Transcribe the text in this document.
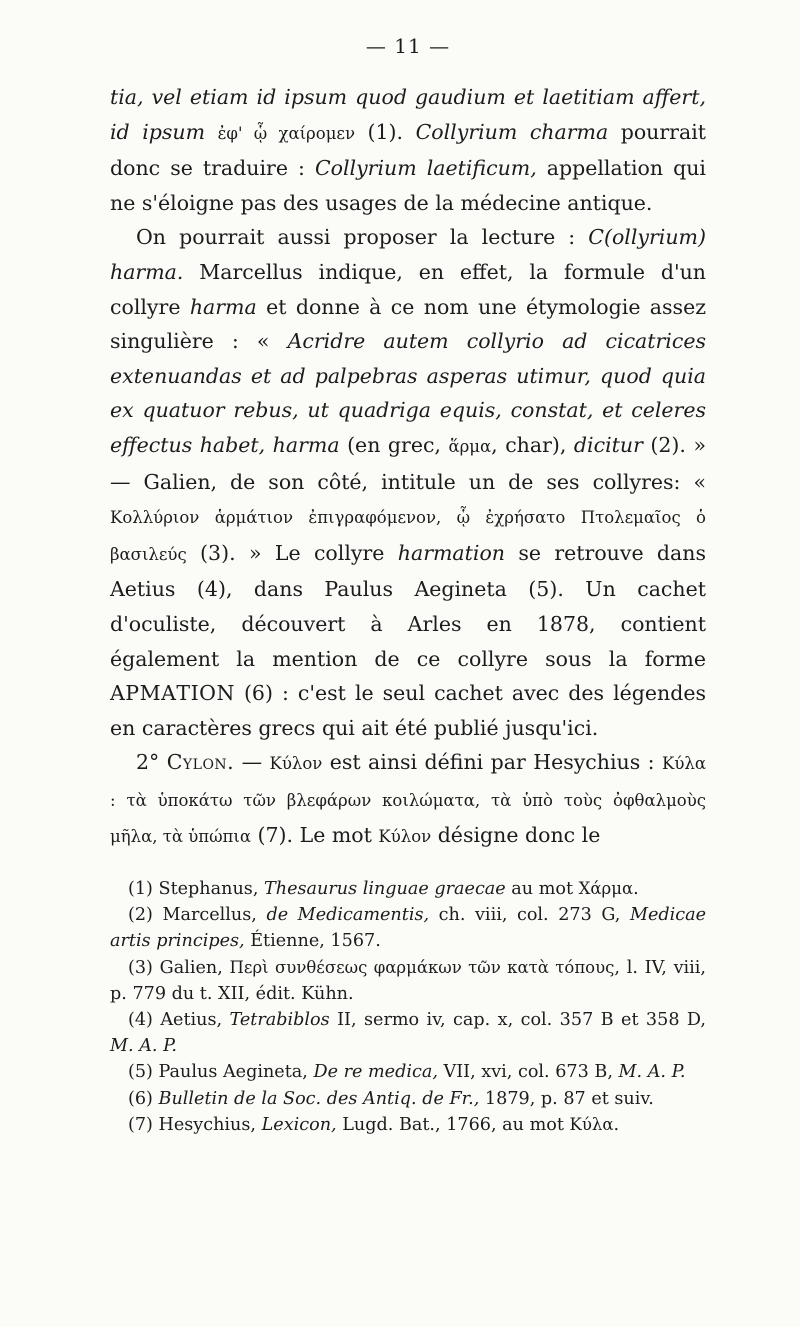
— 11 —

tia, vel etiam id ipsum quod gaudium et laetitiam affert, id ipsum ἐφ' ᾧ χαίρομεν (1). Collyrium charma pourrait donc se traduire : Collyrium laetificum, appellation qui ne s'éloigne pas des usages de la médecine antique.

On pourrait aussi proposer la lecture : C(ollyrium) harma. Marcellus indique, en effet, la formule d'un collyre harma et donne à ce nom une étymologie assez singulière : « Acridre autem collyrio ad cicatrices extenuandas et ad palpebras asperas utimur, quod quia ex quatuor rebus, ut quadriga equis, constat, et celeres effectus habet, harma (en grec, ἅρμα, char), dicitur (2). » — Galien, de son côté, intitule un de ses collyres: « Κολλύριον ἁρμάτιον ἐπιγραφόμενον, ᾧ ἐχρήσατο Πτολεμαῖος ὁ βασιλεύς (3). » Le collyre harmation se retrouve dans Aetius (4), dans Paulus Aegineta (5). Un cachet d'oculiste, découvert à Arles en 1878, contient également la mention de ce collyre sous la forme ΑΡΜΑΤΙΟΝ (6) : c'est le seul cachet avec des légendes en caractères grecs qui ait été publié jusqu'ici.

2° Cylon. — Κύλον est ainsi défini par Hesychius : Κύλα : τὰ ὑποκάτω τῶν βλεφάρων κοιλώματα, τὰ ὑπὸ τοὺς ὀφθαλμοὺς μῆλα, τὰ ὑπώπια (7). Le mot Κύλον désigne donc le

(1) Stephanus, Thesaurus linguae graecae au mot Χάρμα.

(2) Marcellus, de Medicamentis, ch. viii, col. 273 G, Medicae artis principes, Étienne, 1567.

(3) Galien, Περὶ συνθέσεως φαρμάκων τῶν κατὰ τόπους, l. IV, viii, p. 779 du t. XII, édit. Kühn.

(4) Aetius, Tetrabiblos II, sermo iv, cap. x, col. 357 B et 358 D, M. A. P.

(5) Paulus Aegineta, De re medica, VII, xvi, col. 673 B, M. A. P.

(6) Bulletin de la Soc. des Antiq. de Fr., 1879, p. 87 et suiv.

(7) Hesychius, Lexicon, Lugd. Bat., 1766, au mot Κύλα.
